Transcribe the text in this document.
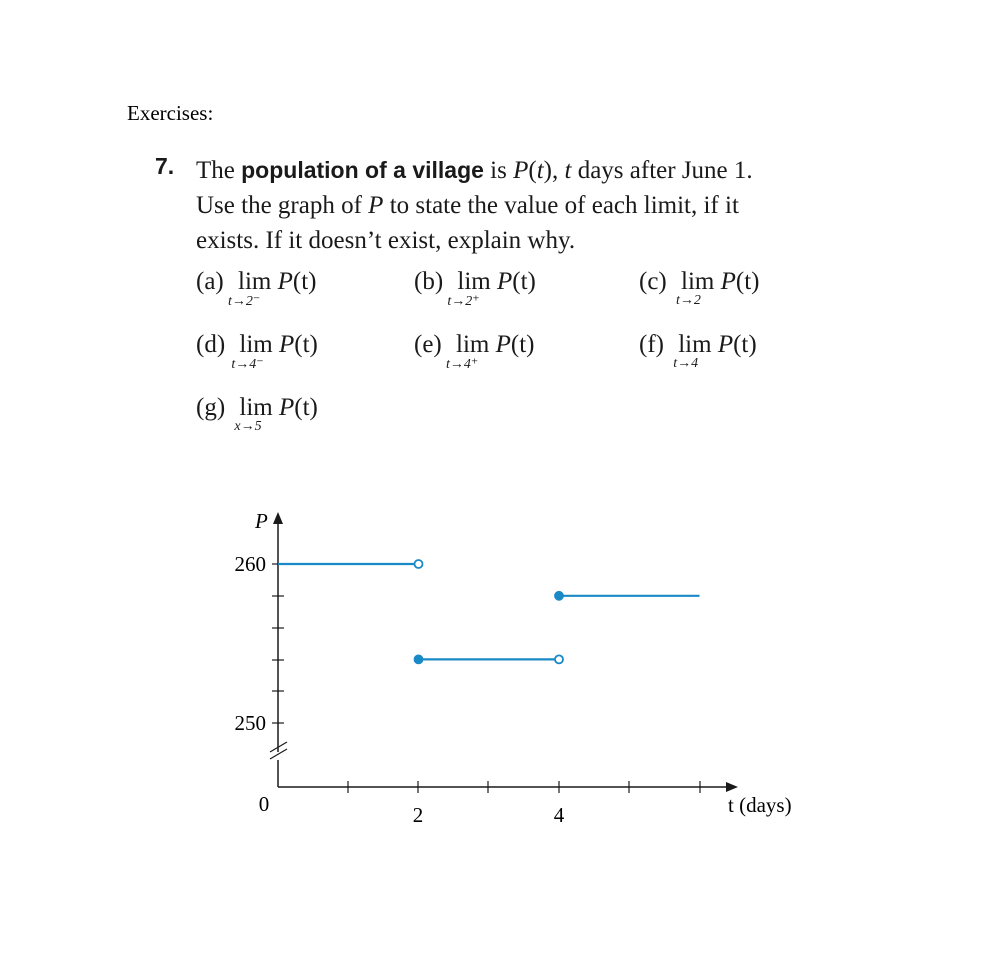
Exercises:
7. The population of a village is P(t), t days after June 1.
Use the graph of P to state the value of each limit, if it
exists. If it doesn’t exist, explain why.
(a) lim
t→2⁻
P(t)	(b) lim
t→2⁺
P(t)	(c) lim
t→2
P(t)
(d) lim
t→4⁻
P(t)	(e) lim
t→4⁺
P(t)	(f) lim
t→4
P(t)
(g) lim
x→5
P(t)
P
260
250
0	2	4	t (days)
